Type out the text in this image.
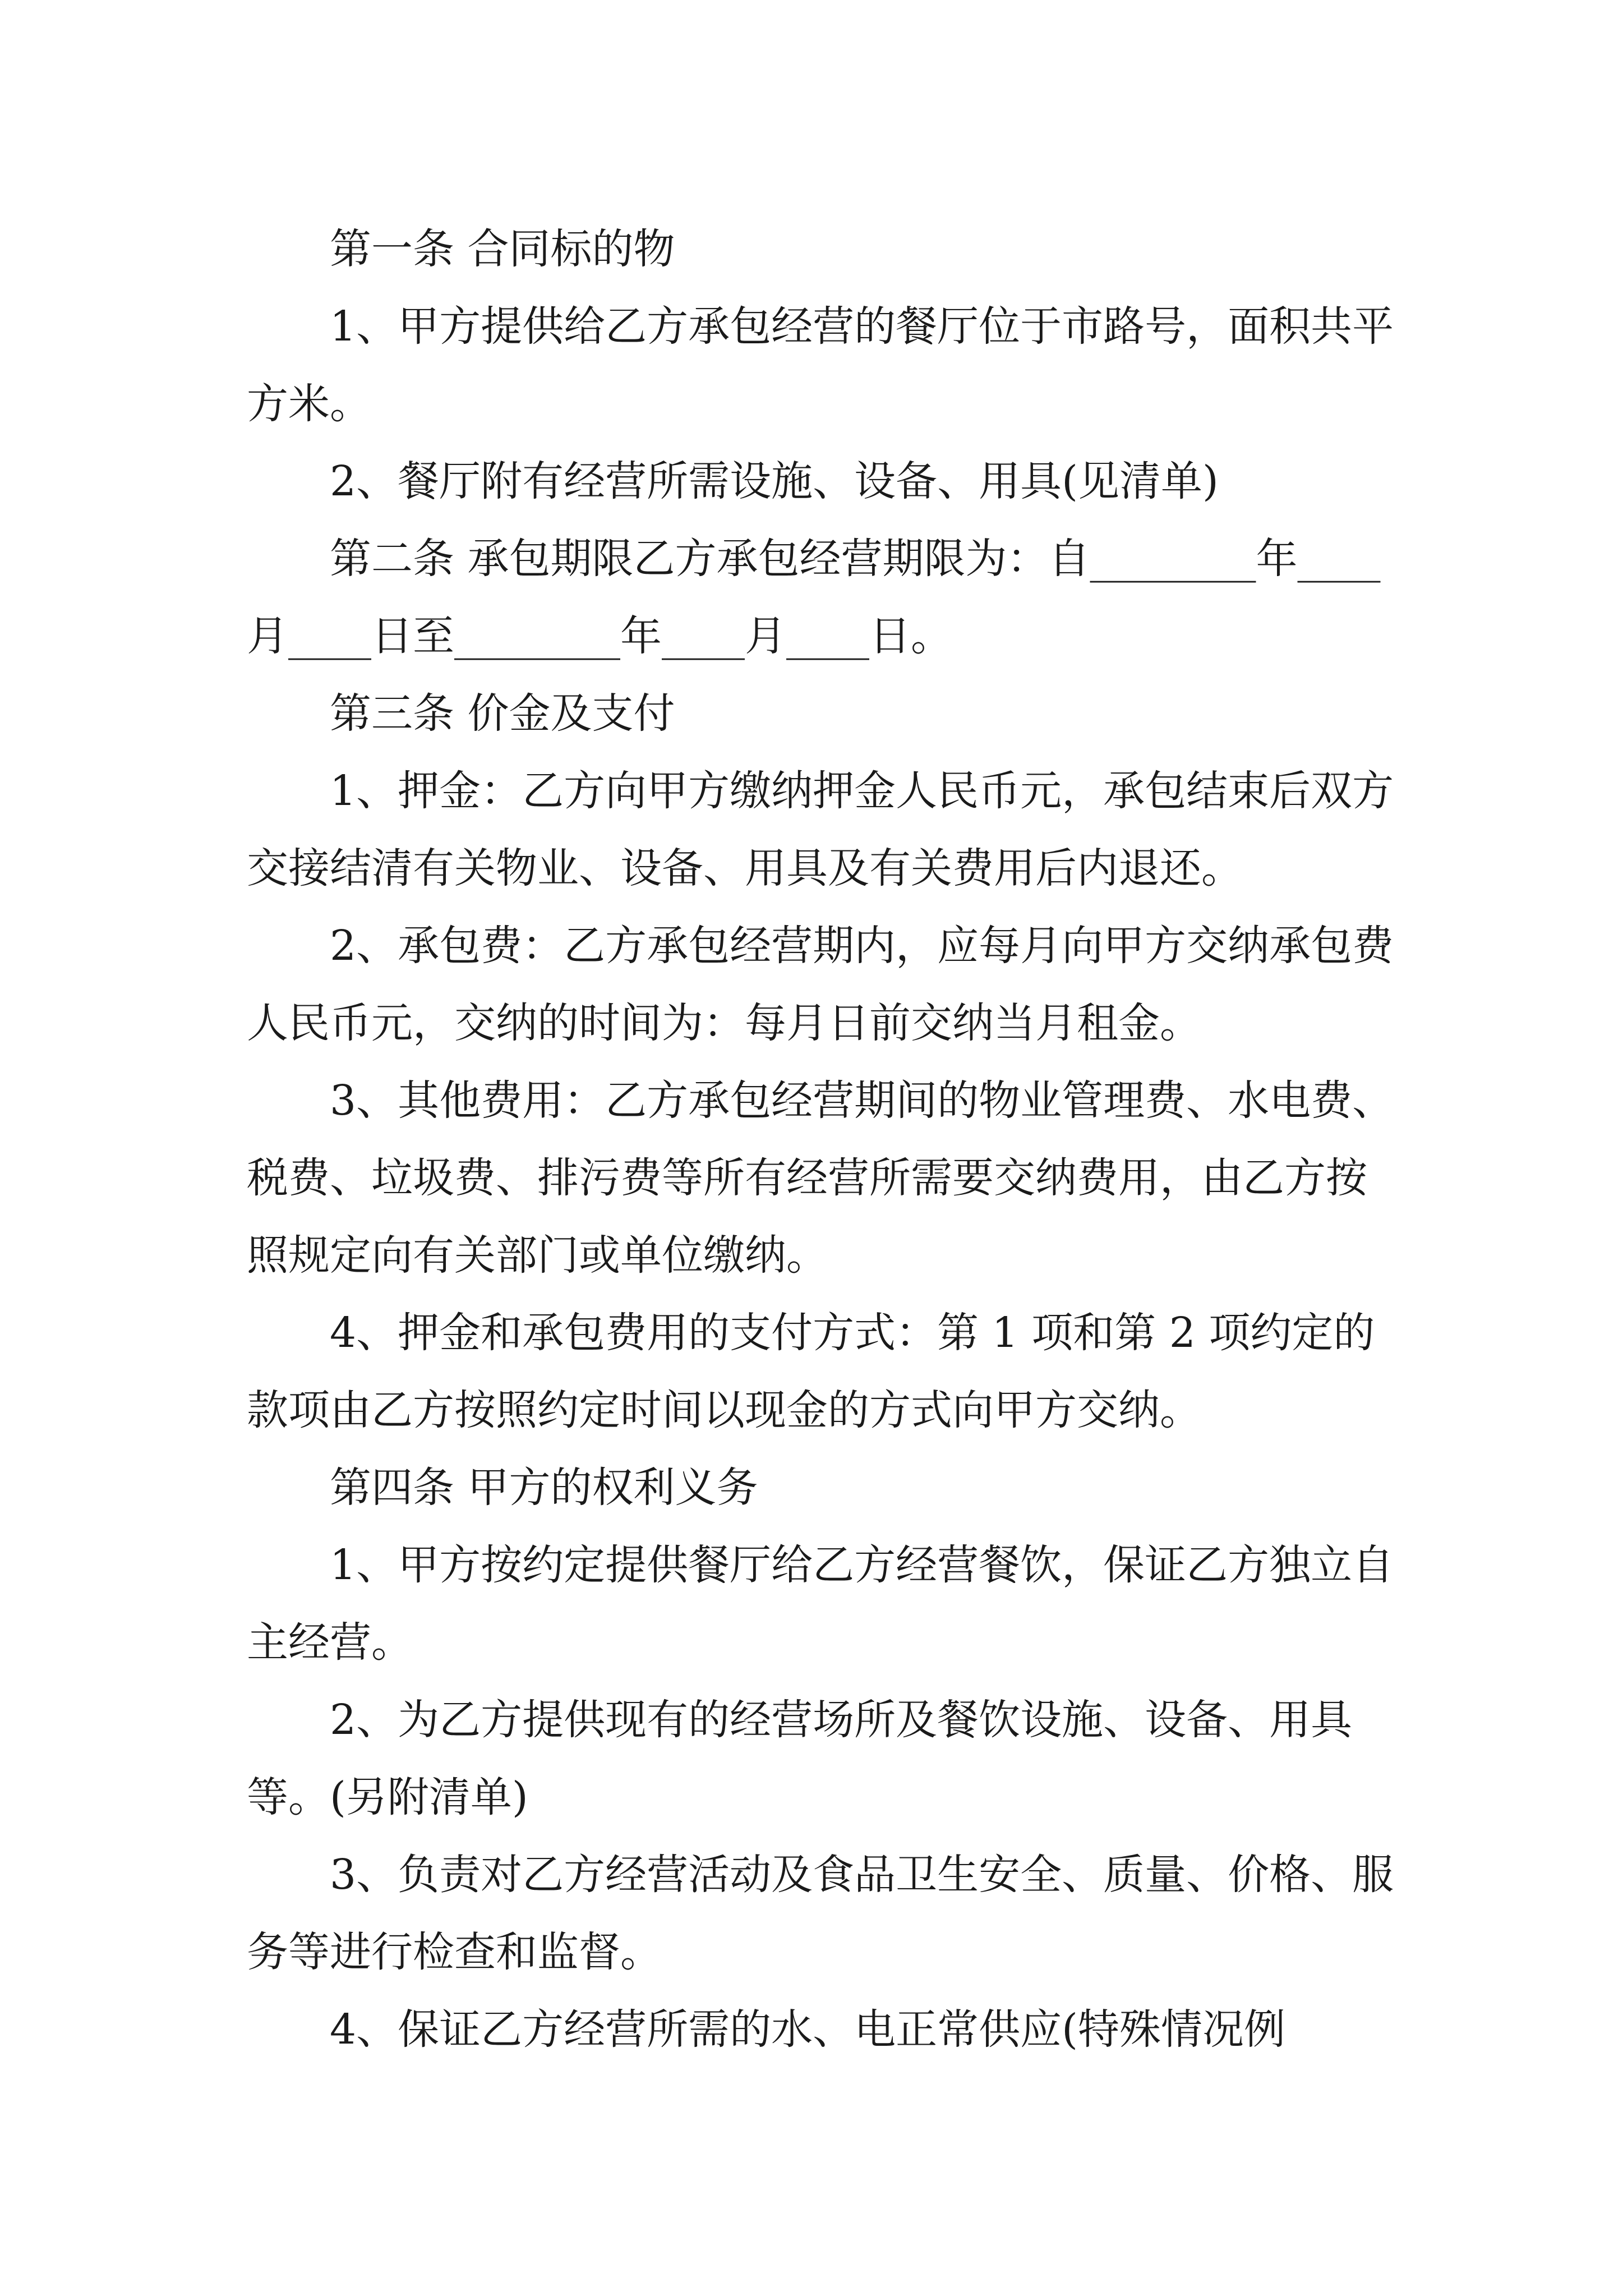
第一条 合同标的物

1、甲方提供给乙方承包经营的餐厅位于市路号，面积共平方米。

2、餐厅附有经营所需设施、设备、用具(见清单)

第二条 承包期限乙方承包经营期限为：自________年____月____日至________年____月____日。

第三条 价金及支付

1、押金：乙方向甲方缴纳押金人民币元，承包结束后双方交接结清有关物业、设备、用具及有关费用后内退还。

2、承包费：乙方承包经营期内，应每月向甲方交纳承包费人民币元，交纳的时间为：每月日前交纳当月租金。

3、其他费用：乙方承包经营期间的物业管理费、水电费、税费、垃圾费、排污费等所有经营所需要交纳费用，由乙方按照规定向有关部门或单位缴纳。

4、押金和承包费用的支付方式：第 1 项和第 2 项约定的款项由乙方按照约定时间以现金的方式向甲方交纳。

第四条 甲方的权利义务

1、甲方按约定提供餐厅给乙方经营餐饮，保证乙方独立自主经营。

2、为乙方提供现有的经营场所及餐饮设施、设备、用具等。(另附清单)

3、负责对乙方经营活动及食品卫生安全、质量、价格、服务等进行检查和监督。

4、保证乙方经营所需的水、电正常供应(特殊情况例
